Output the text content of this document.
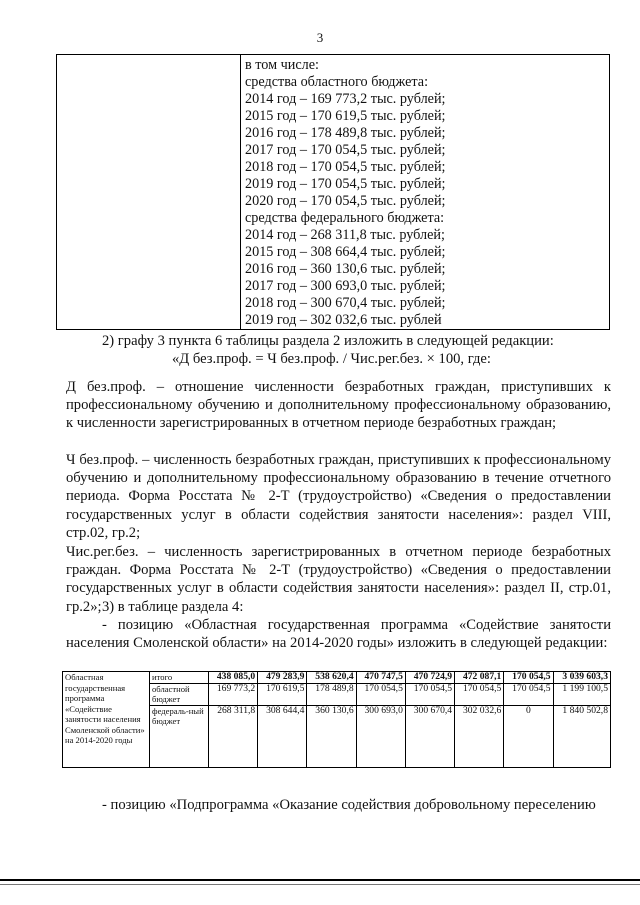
3
в том числе:
средства областного бюджета:
2014 год – 169 773,2 тыс. рублей;
2015 год – 170 619,5 тыс. рублей;
2016 год – 178 489,8 тыс. рублей;
2017 год – 170 054,5 тыс. рублей;
2018 год – 170 054,5 тыс. рублей;
2019 год – 170 054,5 тыс. рублей;
2020 год – 170 054,5 тыс. рублей;
средства федерального бюджета:
2014 год – 268 311,8 тыс. рублей;
2015 год – 308 664,4 тыс. рублей;
2016 год – 360 130,6 тыс. рублей;
2017 год – 300 693,0 тыс. рублей;
2018 год – 300 670,4 тыс. рублей;
2019 год – 302 032,6 тыс. рублей
2) графу 3 пункта 6 таблицы раздела 2 изложить в следующей редакции:
«Д без.проф. = Ч без.проф. / Чис.рег.без. × 100, где:
Д без.проф. – отношение численности безработных граждан, приступивших к профессиональному обучению и дополнительному профессиональному образованию, к численности зарегистрированных в отчетном периоде безработных граждан;
Ч без.проф. – численность безработных граждан, приступивших к профессиональному обучению и дополнительному профессиональному образованию в течение отчетного периода. Форма Росстата № 2-Т (трудоустройство) «Сведения о предоставлении государственных услуг в области содействия занятости населения»: раздел VIII, стр.02, гр.2;
Чис.рег.без. – численность зарегистрированных в отчетном периоде безработных граждан. Форма Росстата № 2-Т (трудоустройство) «Сведения о предоставлении государственных услуг в области содействия занятости населения»: раздел II, стр.01, гр.2»; 3) в таблице раздела 4:
- позицию «Областная государственная программа «Содействие занятости населения Смоленской области» на 2014-2020 годы» изложить в следующей редакции:
Областная государственная программа «Содействие занятости населения Смоленской области» на 2014-2020 годы	итого	438 085,0	479 283,9	538 620,4	470 747,5	470 724,9	472 087,1	170 054,5	3 039 603,3
	областной бюджет	169 773,2	170 619,5	178 489,8	170 054,5	170 054,5	170 054,5	170 054,5	1 199 100,5
	федераль-ный бюджет	268 311,8	308 644,4	360 130,6	300 693,0	300 670,4	302 032,6	0	1 840 502,8
- позицию «Подпрограмма «Оказание содействия добровольному переселению
